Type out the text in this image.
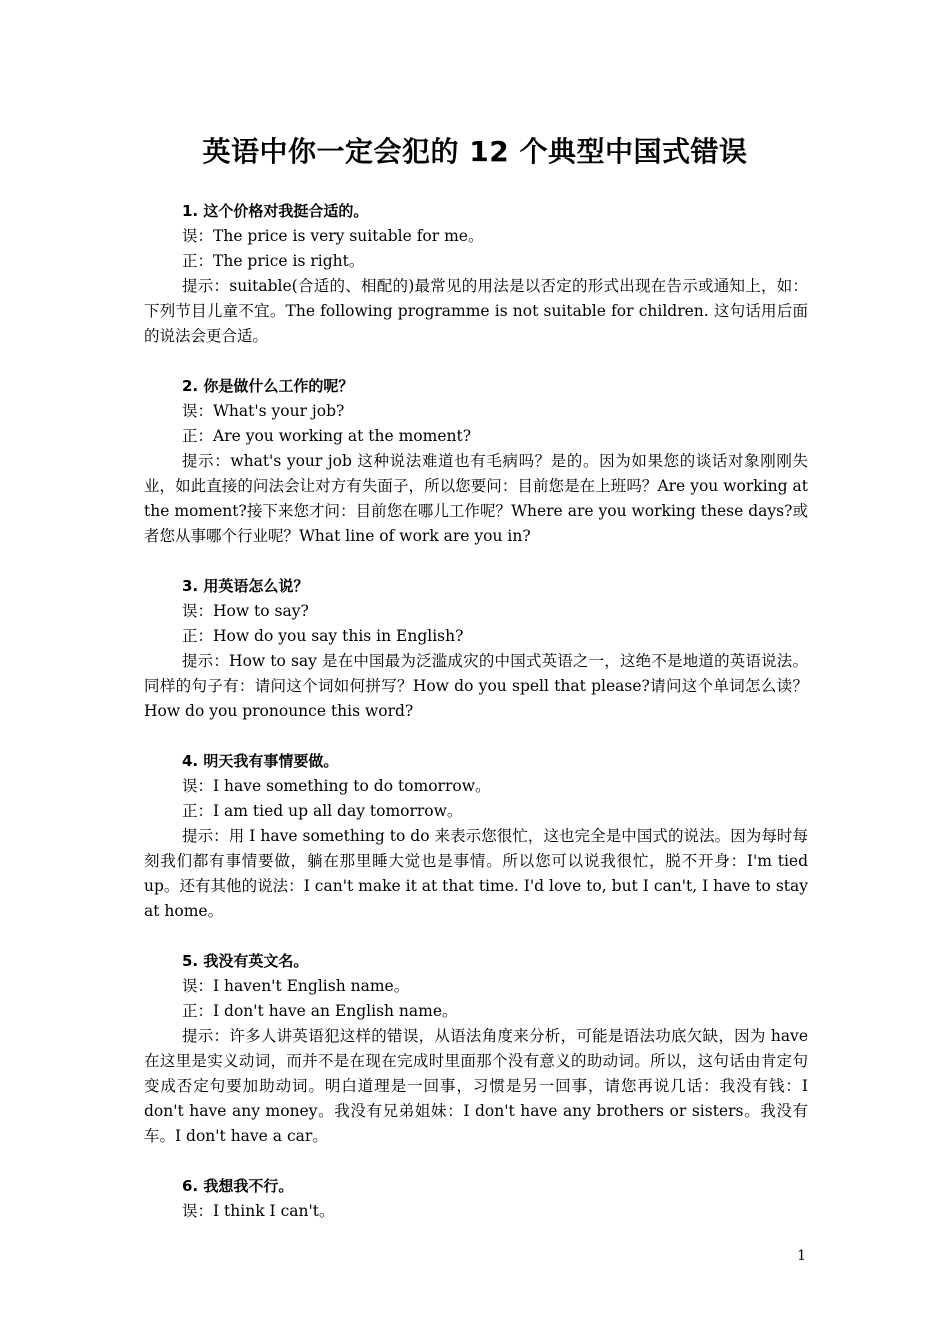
英语中你一定会犯的 12 个典型中国式错误

1. 这个价格对我挺合适的。

误：The price is very suitable for me。

正：The price is right。

提示：suitable(合适的、相配的)最常见的用法是以否定的形式出现在告示或通知上，如：下列节目儿童不宜。The following programme is not suitable for children. 这句话用后面的说法会更合适。

2. 你是做什么工作的呢？

误：What's your job?

正：Are you working at the moment?

提示：what's your job 这种说法难道也有毛病吗？是的。因为如果您的谈话对象刚刚失业，如此直接的问法会让对方有失面子，所以您要问：目前您是在上班吗？Are you working at the moment?接下来您才问：目前您在哪儿工作呢？Where are you working these days?或者您从事哪个行业呢？What line of work are you in?

3. 用英语怎么说？

误：How to say?

正：How do you say this in English?

提示：How to say 是在中国最为泛滥成灾的中国式英语之一，这绝不是地道的英语说法。同样的句子有：请问这个词如何拼写？How do you spell that please?请问这个单词怎么读？How do you pronounce this word?

4. 明天我有事情要做。

误：I have something to do tomorrow。

正：I am tied up all day tomorrow。

提示：用 I have something to do 来表示您很忙，这也完全是中国式的说法。因为每时每刻我们都有事情要做，躺在那里睡大觉也是事情。所以您可以说我很忙，脱不开身：I'm tied up。还有其他的说法：I can't make it at that time. I'd love to, but I can't, I have to stay at home。

5. 我没有英文名。

误：I haven't English name。

正：I don't have an English name。

提示：许多人讲英语犯这样的错误，从语法角度来分析，可能是语法功底欠缺，因为 have 在这里是实义动词，而并不是在现在完成时里面那个没有意义的助动词。所以，这句话由肯定句变成否定句要加助动词。明白道理是一回事，习惯是另一回事，请您再说几话：我没有钱：I don't have any money。我没有兄弟姐妹：I don't have any brothers or sisters。我没有车。I don't have a car。

6. 我想我不行。

误：I think I can't。

1
